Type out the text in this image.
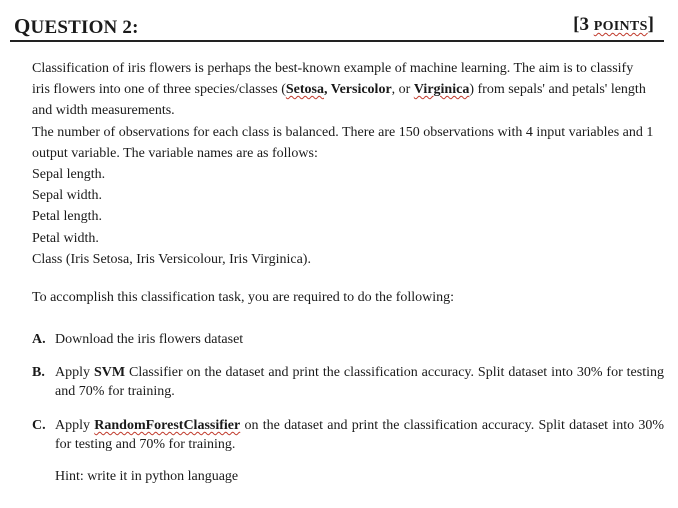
QUESTION 2:	[3 POINTS]

Classification of iris flowers is perhaps the best-known example of machine learning. The aim is to classify iris flowers into one of three species/classes (Setosa, Versicolor, or Virginica) from sepals' and petals' length and width measurements.

The number of observations for each class is balanced. There are 150 observations with 4 input variables and 1 output variable. The variable names are as follows:

Sepal length.
Sepal width.
Petal length.
Petal width.
Class (Iris Setosa, Iris Versicolour, Iris Virginica).
To accomplish this classification task, you are required to do the following:
A. Download the iris flowers dataset
B. Apply SVM Classifier on the dataset and print the classification accuracy. Split dataset into 30% for testing and 70% for training.
C. Apply RandomForestClassifier on the dataset and print the classification accuracy. Split dataset into 30% for testing and 70% for training.
Hint: write it in python language
